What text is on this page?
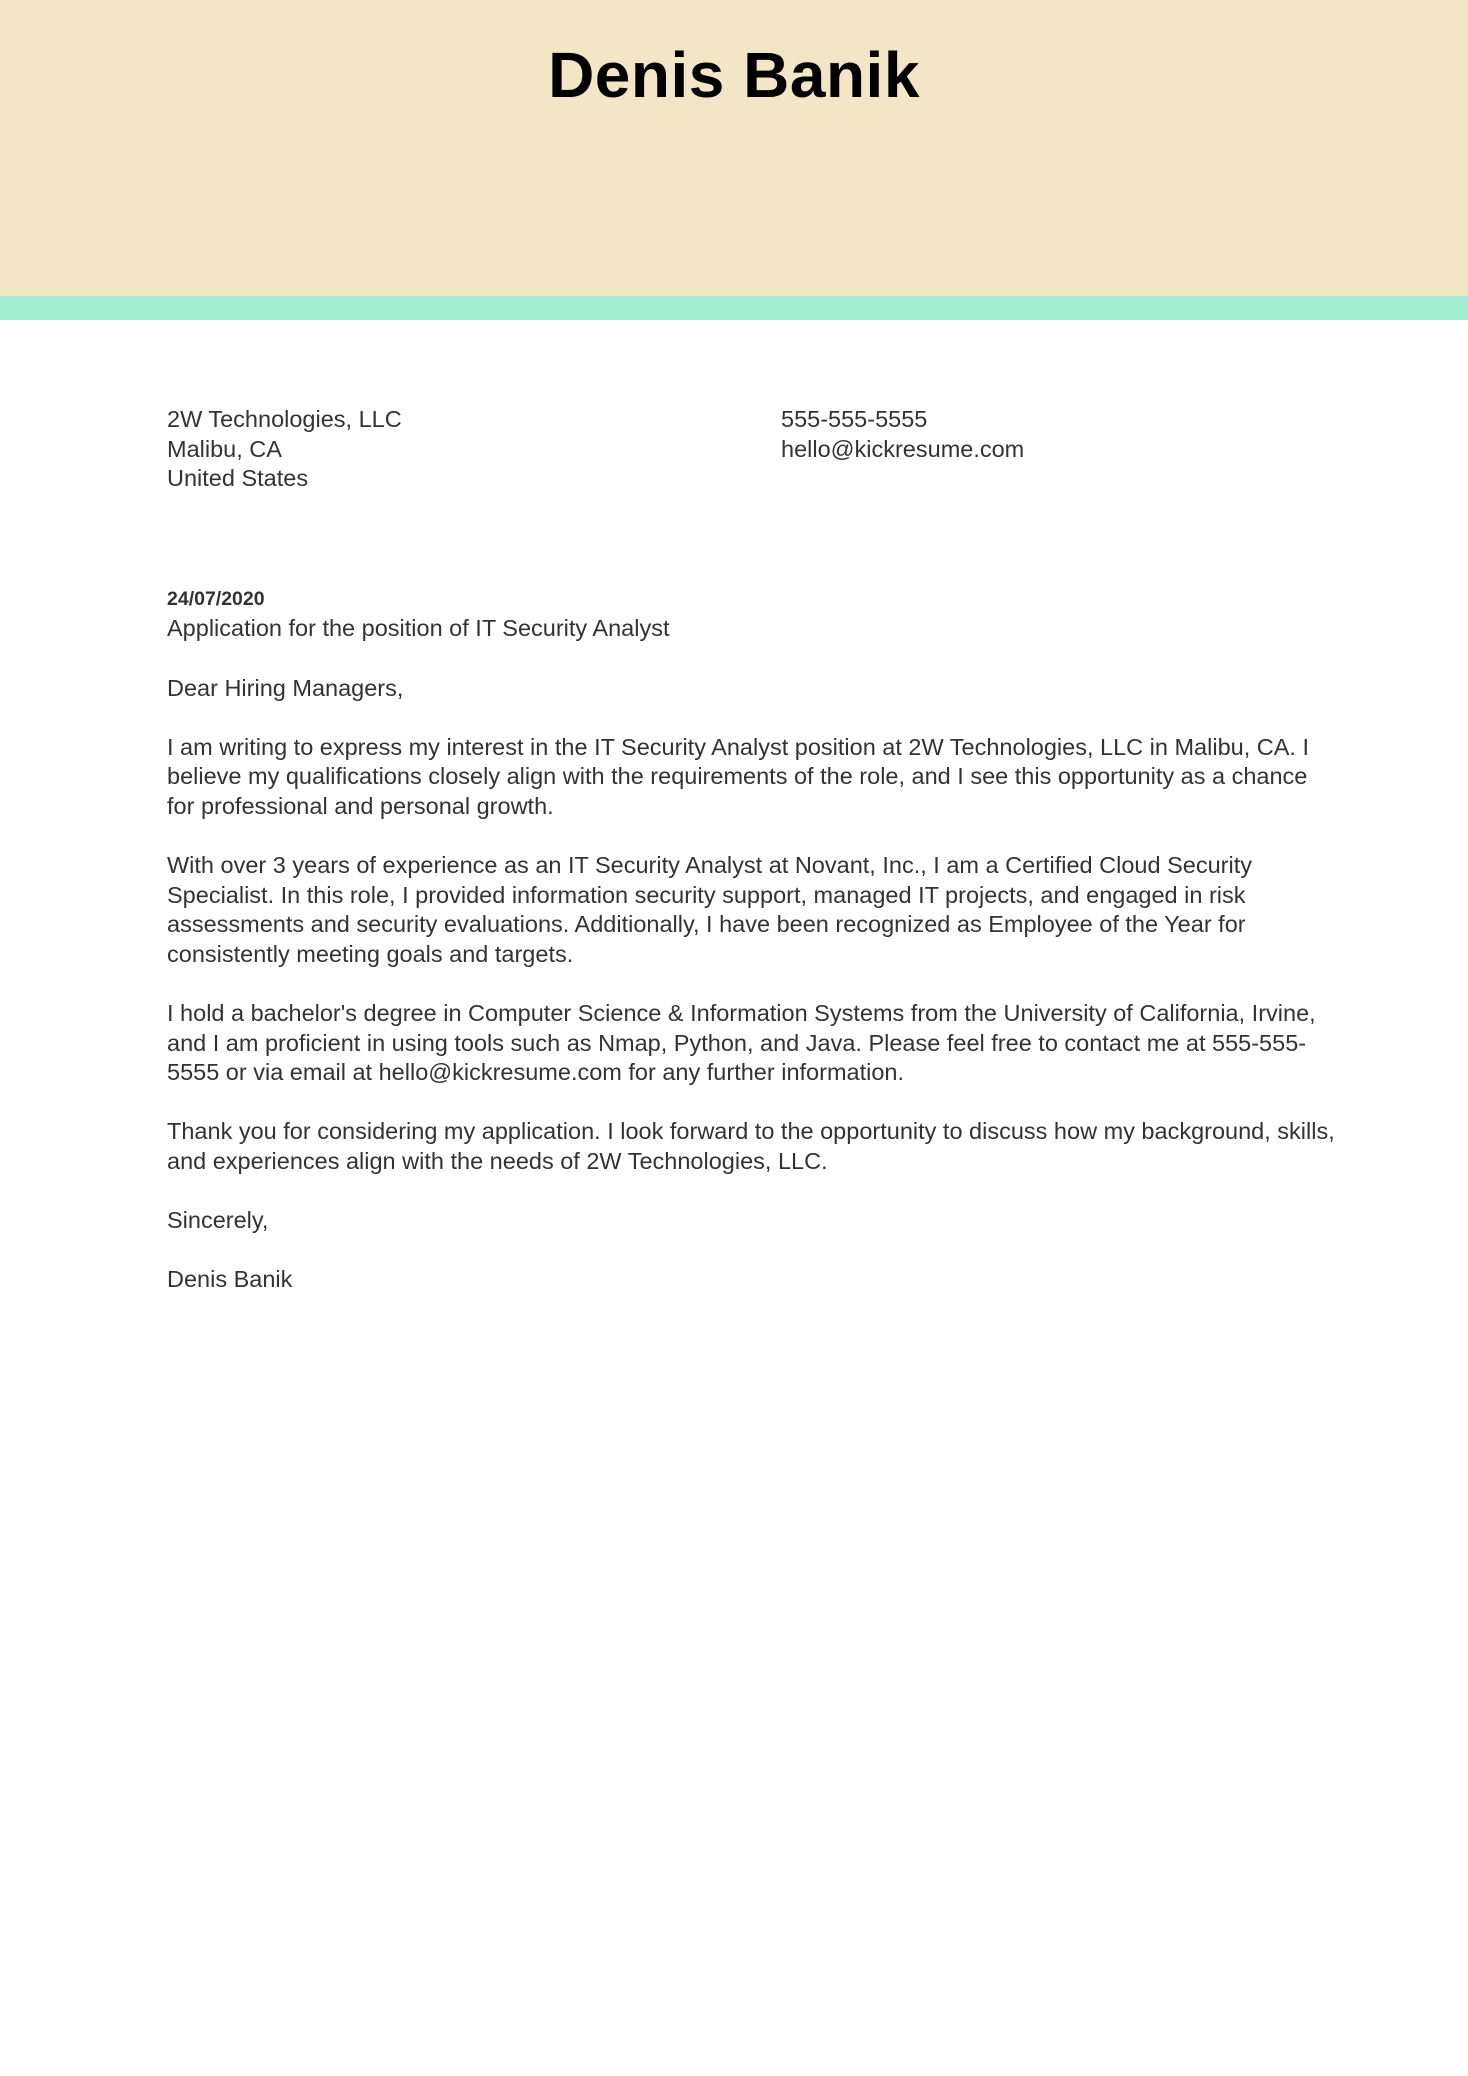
Denis Banik
2W Technologies, LLC
Malibu, CA
United States
555-555-5555
hello@kickresume.com
24/07/2020
Application for the position of IT Security Analyst

Dear Hiring Managers,

I am writing to express my interest in the IT Security Analyst position at 2W Technologies, LLC in Malibu, CA. I believe my qualifications closely align with the requirements of the role, and I see this opportunity as a chance for professional and personal growth.

With over 3 years of experience as an IT Security Analyst at Novant, Inc., I am a Certified Cloud Security Specialist. In this role, I provided information security support, managed IT projects, and engaged in risk assessments and security evaluations. Additionally, I have been recognized as Employee of the Year for consistently meeting goals and targets.

I hold a bachelor's degree in Computer Science & Information Systems from the University of California, Irvine, and I am proficient in using tools such as Nmap, Python, and Java. Please feel free to contact me at 555-555-5555 or via email at hello@kickresume.com for any further information.

Thank you for considering my application. I look forward to the opportunity to discuss how my background, skills, and experiences align with the needs of 2W Technologies, LLC.

Sincerely,

Denis Banik
